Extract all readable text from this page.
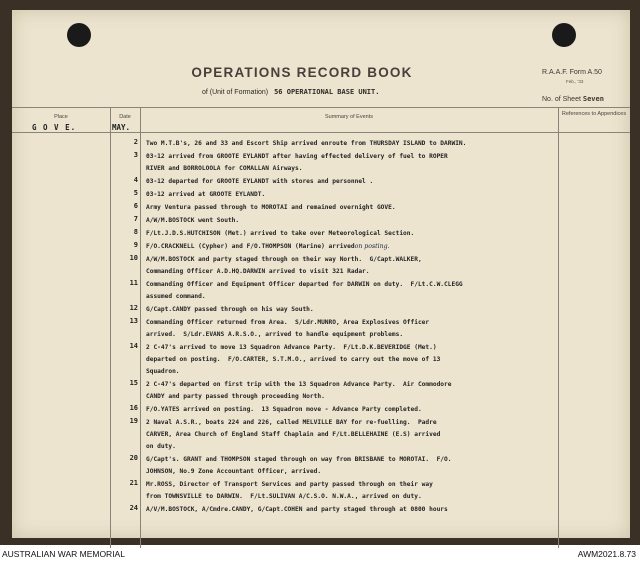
OPERATIONS RECORD BOOK
of (Unit of Formation) 56 OPERATIONAL BASE UNIT.
R.A.A.F. Form A.50
Feb., '33
No. of Sheet Seven
Place	Date	Summary of Events	References to Appendices
G O V E.	MAY.
2 Two M.T.B's, 26 and 33 and Escort Ship arrived enroute from THURSDAY ISLAND to DARWIN.
3 03-12 arrived from GROOTE EYLANDT after having effected delivery of fuel to ROPER
RIVER and BORROLOOLA for COMALLAN Airways.
4 03-12 departed for GROOTE EYLANDT with stores and personnel .
5 03-12 arrived at GROOTE EYLANDT.
6 Army Ventura passed through to MOROTAI and remained overnight GOVE.
7 A/W/M.BOSTOCK went South.
8 F/Lt.J.D.S.HUTCHISON (Met.) arrived to take over Meteorological Section.
9 F/O.CRACKNELL (Cypher) and F/O.THOMPSON (Marine) arrivedon posting.
10 A/W/M.BOSTOCK and party staged through on their way North.  G/Capt.WALKER,
Commanding Officer A.D.HQ.DARWIN arrived to visit 321 Radar.
11 Commanding Officer and Equipment Officer departed for DARWIN on duty.  F/Lt.C.W.CLEGG
assumed command.
12 G/Capt.CANDY passed through on his way South.
13 Commanding Officer returned from Area.  S/Ldr.MUNRO, Area Explosives Officer
arrived.  S/Ldr.EVANS A.R.S.O., arrived to handle equipment problems.
14 2 C-47's arrived to move 13 Squadron Advance Party.  F/Lt.D.K.BEVERIDGE (Met.)
departed on posting.  F/O.CARTER, S.T.M.O., arrived to carry out the move of 13
Squadron.
15 2 C-47's departed on first trip with the 13 Squadron Advance Party.  Air Commodore
CANDY and party passed through proceeding North.
16 F/O.YATES arrived on posting.  13 Squadron move - Advance Party completed.
19 2 Naval A.S.R., boats 224 and 226, called MELVILLE BAY for re-fuelling.  Padre
CARVER, Area Church of England Staff Chaplain and F/Lt.BELLEHAINE (E.S) arrived
on duty.
20 G/Capt's. GRANT and THOMPSON staged through on way from BRISBANE to MOROTAI.  F/O.
JOHNSON, No.9 Zone Accountant Officer, arrived.
21 Mr.ROSS, Director of Transport Services and party passed through on their way
from TOWNSVILLE to DARWIN.  F/Lt.SULIVAN A/C.S.O. N.W.A., arrived on duty.
24 A/V/M.BOSTOCK, A/Cmdre.CANDY, G/Capt.COHEN and party staged through at 0800 hours
AUSTRALIAN WAR MEMORIAL	AWM2021.8.73
